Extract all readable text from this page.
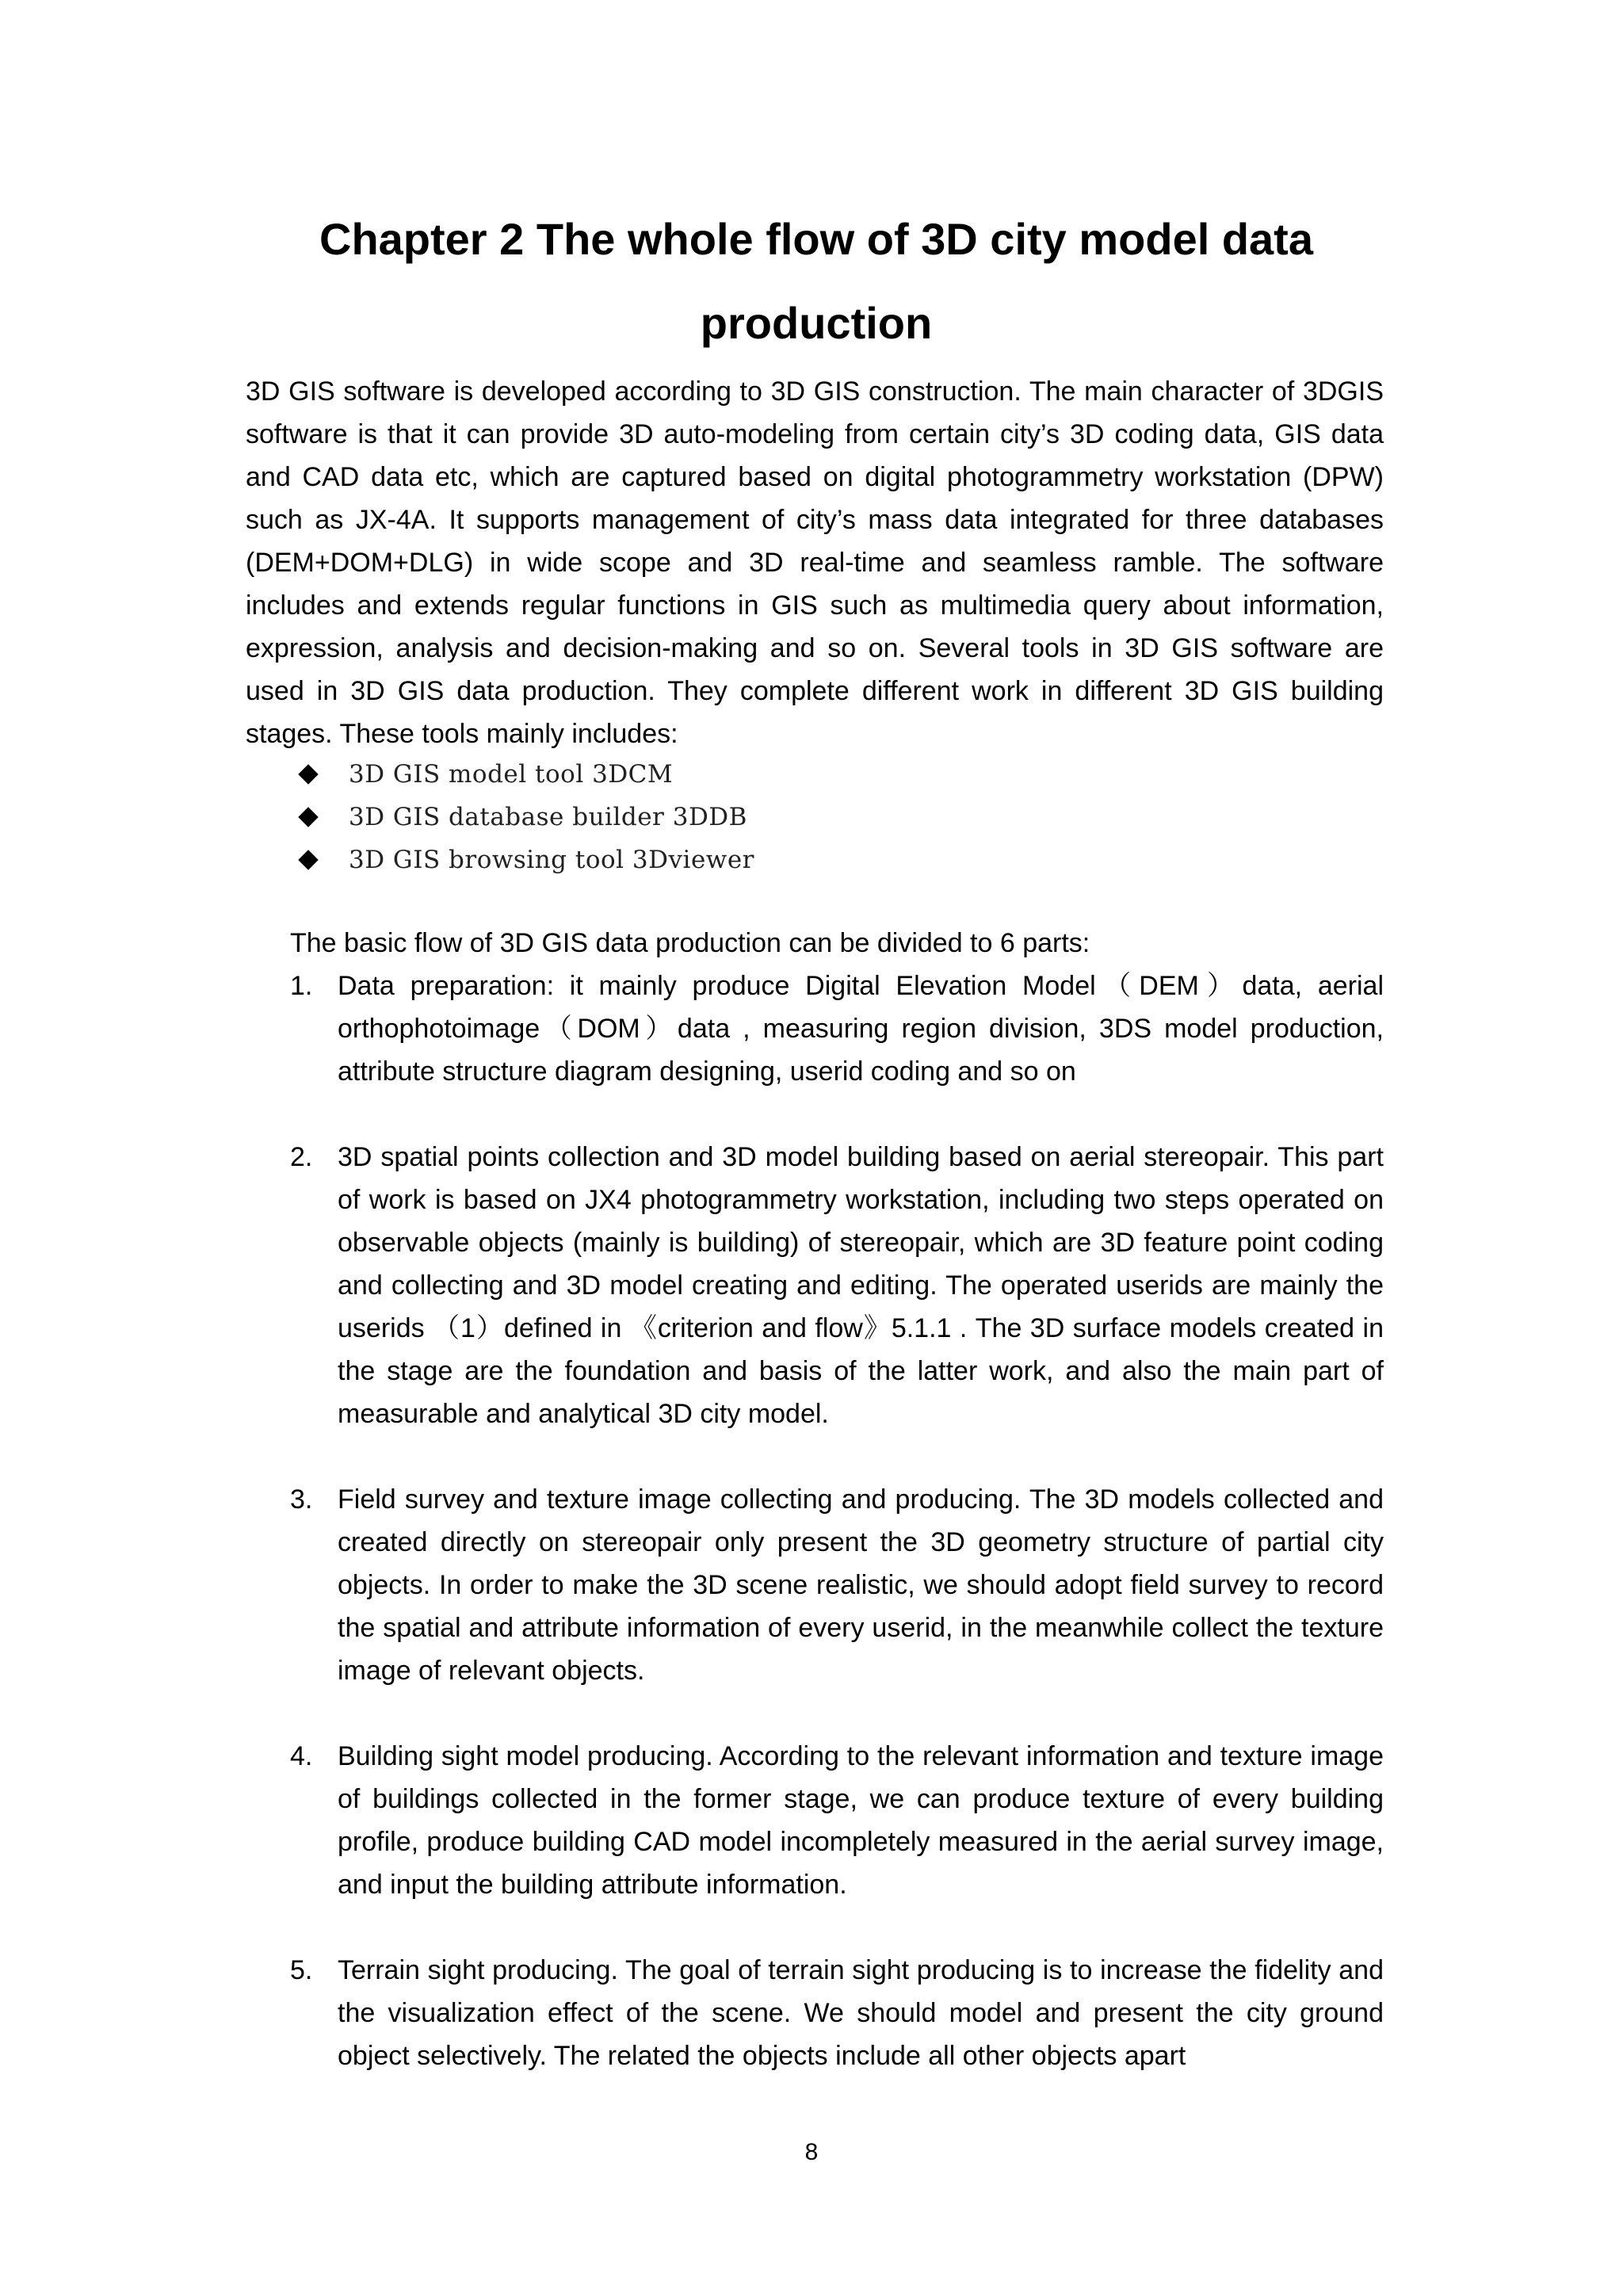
Chapter 2 The whole flow of 3D city model data
production

3D GIS software is developed according to 3D GIS construction. The main character of 3DGIS software is that it can provide 3D auto-modeling from certain city’s 3D coding data, GIS data and CAD data etc, which are captured based on digital photogrammetry workstation (DPW) such as JX-4A. It supports management of city’s mass data integrated for three databases (DEM+DOM+DLG) in wide scope and 3D real-time and seamless ramble. The software includes and extends regular functions in GIS such as multimedia query about information, expression, analysis and decision-making and so on. Several tools in 3D GIS software are used in 3D GIS data production. They complete different work in different 3D GIS building stages. These tools mainly includes:

3D GIS model tool 3DCM
3D GIS database builder 3DDB
3D GIS browsing tool 3Dviewer

The basic flow of 3D GIS data production can be divided to 6 parts:

1. Data preparation: it mainly produce Digital Elevation Model（DEM）data, aerial orthophotoimage（DOM）data , measuring region division, 3DS model production, attribute structure diagram designing, userid coding and so on
2. 3D spatial points collection and 3D model building based on aerial stereopair. This part of work is based on JX4 photogrammetry workstation, including two steps operated on observable objects (mainly is building) of stereopair, which are 3D feature point coding and collecting and 3D model creating and editing. The operated userids are mainly the userids （1）defined in 《criterion and flow》5.1.1 . The 3D surface models created in the stage are the foundation and basis of the latter work, and also the main part of measurable and analytical 3D city model.
3. Field survey and texture image collecting and producing. The 3D models collected and created directly on stereopair only present the 3D geometry structure of partial city objects. In order to make the 3D scene realistic, we should adopt field survey to record the spatial and attribute information of every userid, in the meanwhile collect the texture image of relevant objects.
4. Building sight model producing. According to the relevant information and texture image of buildings collected in the former stage, we can produce texture of every building profile, produce building CAD model incompletely measured in the aerial survey image, and input the building attribute information.
5. Terrain sight producing. The goal of terrain sight producing is to increase the fidelity and the visualization effect of the scene. We should model and present the city ground object selectively. The related the objects include all other objects apart
8
